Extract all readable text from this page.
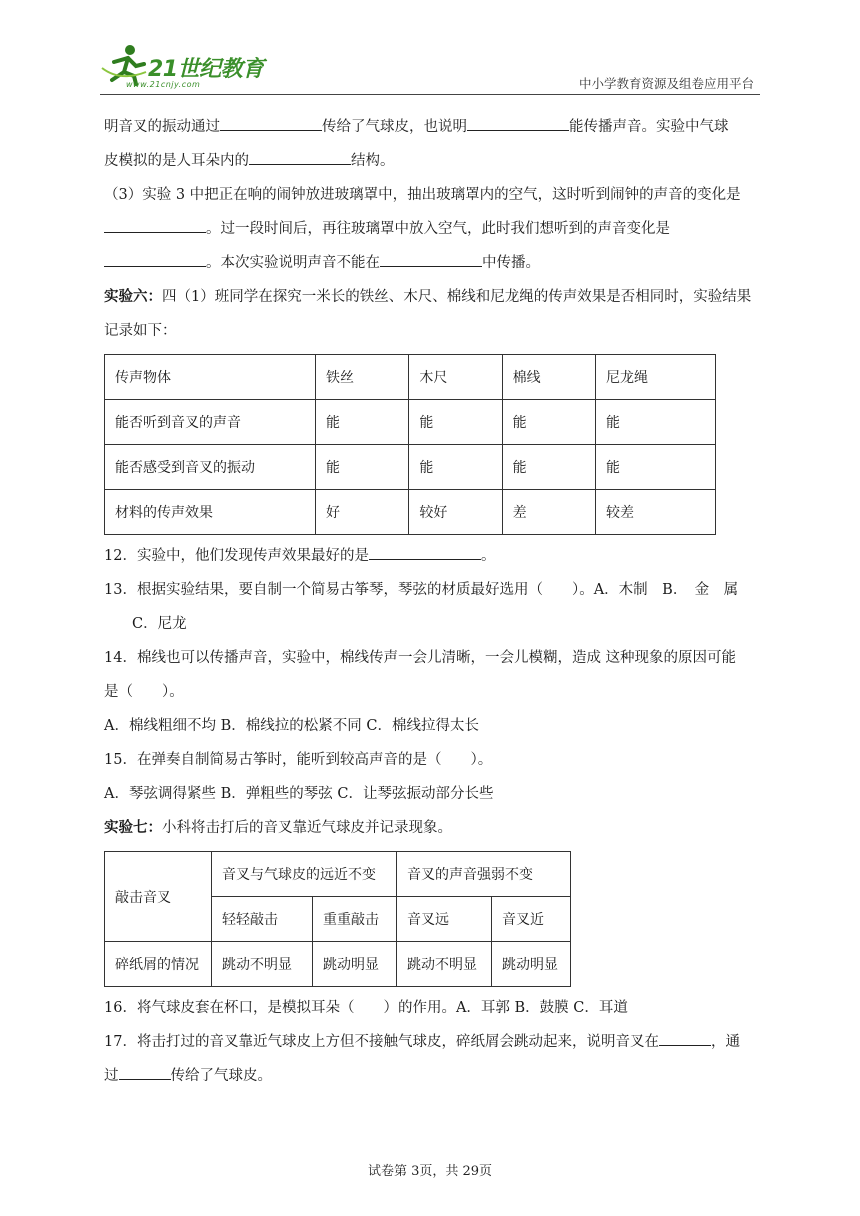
21世纪教育
www.21cnjy.com	中小学教育资源及组卷应用平台

明音叉的振动通过	传给了气球皮，也说明	能传播声音。实验中气球

皮模拟的是人耳朵内的	结构。

（3）实验 3 中把正在响的闹钟放进玻璃罩中，抽出玻璃罩内的空气，这时听到闹钟的声音的变化是

。过一段时间后，再往玻璃罩中放入空气，此时我们想听到的声音变化是

。本次实验说明声音不能在	中传播。

实验六：四（1）班同学在探究一米长的铁丝、木尺、棉线和尼龙绳的传声效果是否相同时，实验结果记录如下：

传声物体	铁丝	木尺	棉线	尼龙绳
能否听到音叉的声音	能	能	能	能
能否感受到音叉的振动	能	能	能	能
材料的传声效果	好	较好	差	较差

12．实验中，他们发现传声效果最好的是	。

13．根据实验结果，要自制一个简易古筝琴，琴弦的材质最好选用（　　）。A．木制　B．　金　属

C．尼龙

14．棉线也可以传播声音，实验中，棉线传声一会儿清晰，一会儿模糊，造成 这种现象的原因可能

是（　　）。

A．棉线粗细不均 B．棉线拉的松紧不同 C．棉线拉得太长

15．在弹奏自制简易古筝时，能听到较高声音的是（　　）。

A．琴弦调得紧些 B．弹粗些的琴弦 C．让琴弦振动部分长些

实验七：小科将击打后的音叉靠近气球皮并记录现象。

敲击音叉	音叉与气球皮的远近不变		音叉的声音强弱不变	
	轻轻敲击	重重敲击	音叉远	音叉近
碎纸屑的情况	跳动不明显	跳动明显	跳动不明显	跳动明显

16．将气球皮套在杯口，是模拟耳朵（　　）的作用。A．耳郭 B．鼓膜 C．耳道

17．将击打过的音叉靠近气球皮上方但不接触气球皮，碎纸屑会跳动起来，说明音叉在	，通

过	传给了气球皮。

试卷第 3页，共 29页
